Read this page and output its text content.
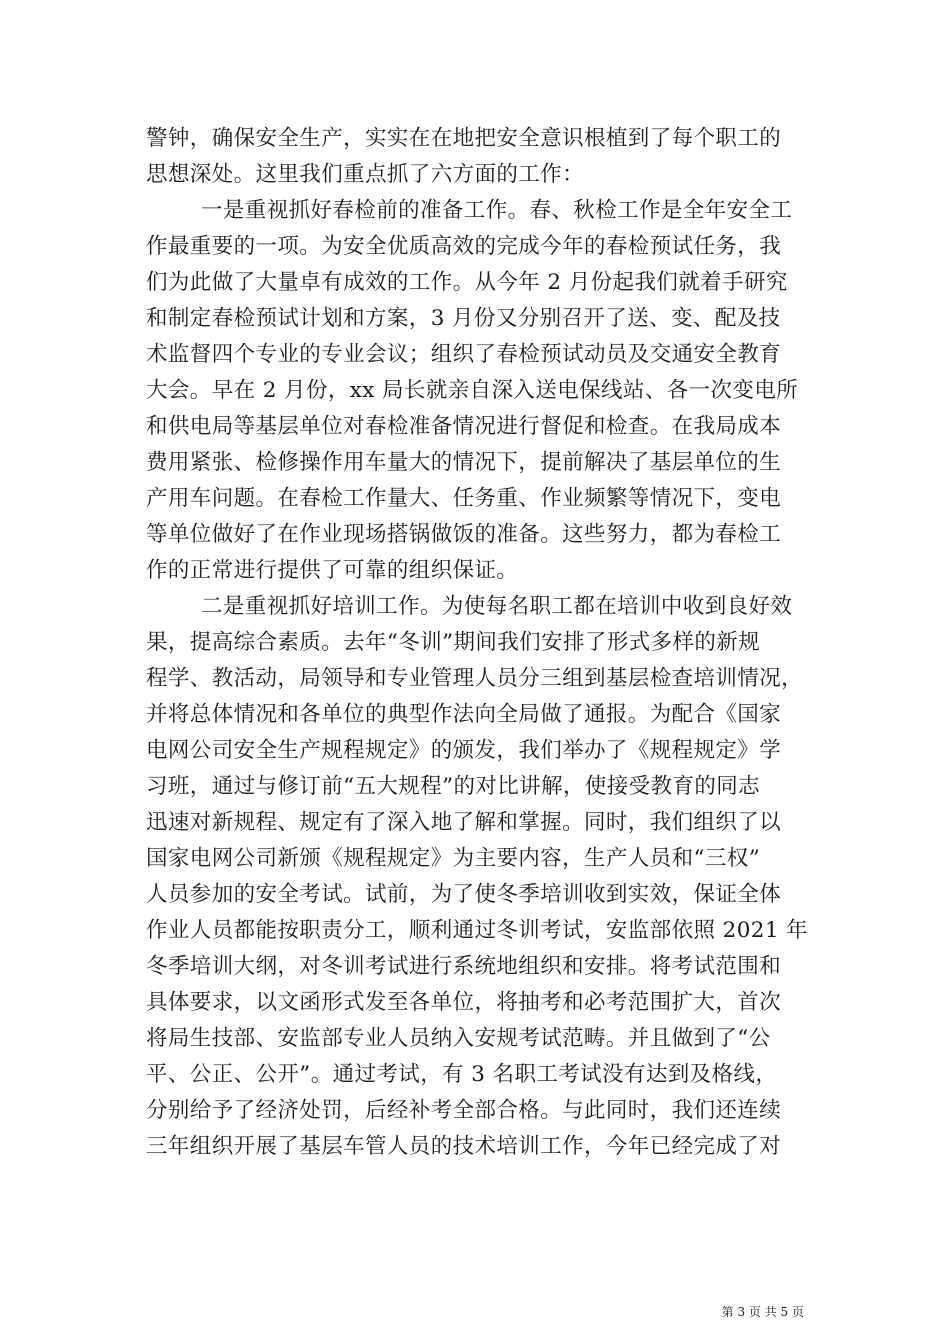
警钟，确保安全生产，实实在在地把安全意识根植到了每个职工的
思想深处。这里我们重点抓了六方面的工作：
一是重视抓好春检前的准备工作。春、秋检工作是全年安全工
作最重要的一项。为安全优质高效的完成今年的春检预试任务，我
们为此做了大量卓有成效的工作。从今年 2 月份起我们就着手研究
和制定春检预试计划和方案，3 月份又分别召开了送、变、配及技
术监督四个专业的专业会议；组织了春检预试动员及交通安全教育
大会。早在 2 月份，xx 局长就亲自深入送电保线站、各一次变电所
和供电局等基层单位对春检准备情况进行督促和检查。在我局成本
费用紧张、检修操作用车量大的情况下，提前解决了基层单位的生
产用车问题。在春检工作量大、任务重、作业频繁等情况下，变电
等单位做好了在作业现场搭锅做饭的准备。这些努力，都为春检工
作的正常进行提供了可靠的组织保证。
二是重视抓好培训工作。为使每名职工都在培训中收到良好效
果，提高综合素质。去年“冬训”期间我们安排了形式多样的新规
程学、教活动，局领导和专业管理人员分三组到基层检查培训情况，
并将总体情况和各单位的典型作法向全局做了通报。为配合《国家
电网公司安全生产规程规定》的颁发，我们举办了《规程规定》学
习班，通过与修订前“五大规程”的对比讲解，使接受教育的同志
迅速对新规程、规定有了深入地了解和掌握。同时，我们组织了以
国家电网公司新颁《规程规定》为主要内容，生产人员和“三权”
人员参加的安全考试。试前，为了使冬季培训收到实效，保证全体
作业人员都能按职责分工，顺利通过冬训考试，安监部依照 2021 年
冬季培训大纲，对冬训考试进行系统地组织和安排。将考试范围和
具体要求，以文函形式发至各单位，将抽考和必考范围扩大，首次
将局生技部、安监部专业人员纳入安规考试范畴。并且做到了“公
平、公正、公开”。通过考试，有 3 名职工考试没有达到及格线，
分别给予了经济处罚，后经补考全部合格。与此同时，我们还连续
三年组织开展了基层车管人员的技术培训工作，今年已经完成了对
第 3 页 共 5 页
